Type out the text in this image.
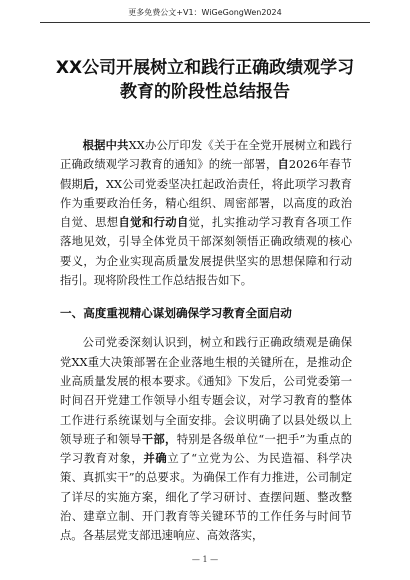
更多免费公文+V1：WiGeGongWen2024
XX公司开展树立和践行正确政绩观学习
教育的阶段性总结报告

根据中共XX办公厅印发《关于在全党开展树立和践行正确政绩观学习教育的通知》的统一部署，自2026年春节假期后，XX公司党委坚决扛起政治责任，将此项学习教育作为重要政治任务，精心组织、周密部署，以高度的政治自觉、思想自觉和行动自觉，扎实推动学习教育各项工作落地见效，引导全体党员干部深刻领悟正确政绩观的核心要义，为企业实现高质量发展提供坚实的思想保障和行动指引。现将阶段性工作总结报告如下。

一、高度重视精心谋划确保学习教育全面启动

公司党委深刻认识到，树立和践行正确政绩观是确保党XX重大决策部署在企业落地生根的关键所在，是推动企业高质量发展的根本要求。《通知》下发后，公司党委第一时间召开党建工作领导小组专题会议，对学习教育的整体工作进行系统谋划与全面安排。会议明确了以县处级以上领导班子和领导干部，特别是各级单位“一把手”为重点的学习教育对象，并确立了“立党为公、为民造福、科学决策、真抓实干”的总要求。为确保工作有力推进，公司制定了详尽的实施方案，细化了学习研讨、查摆问题、整改整治、建章立制、开门教育等关键环节的工作任务与时间节点。各基层党支部迅速响应、高效落实，

— 1 —
